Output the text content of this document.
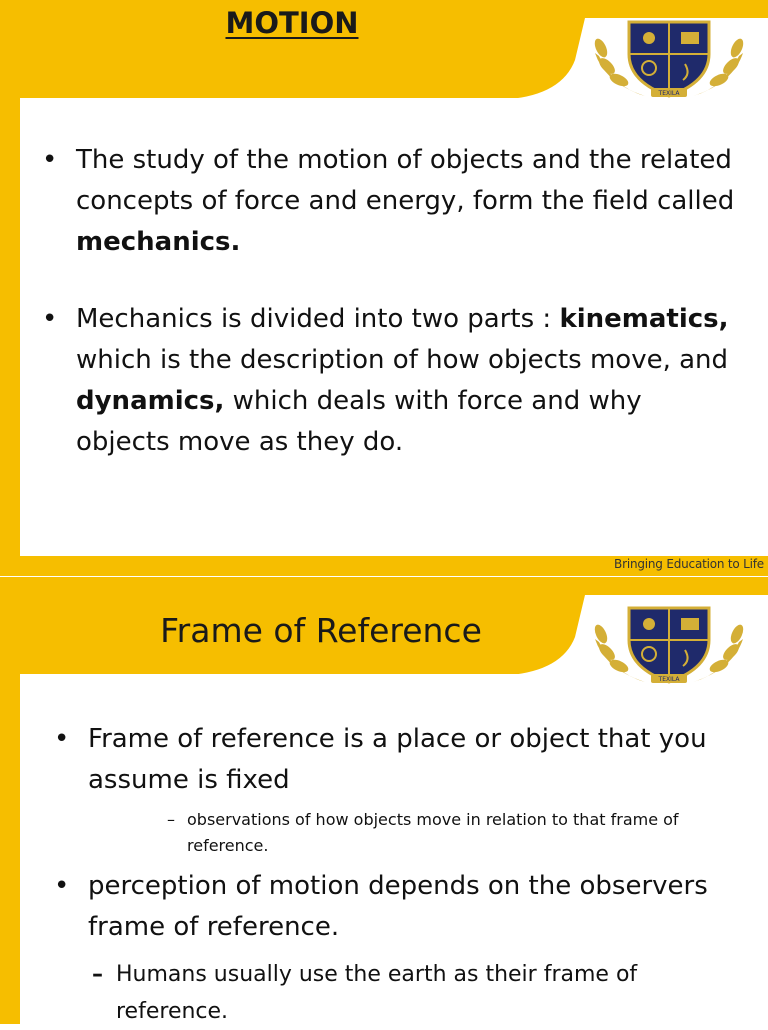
MOTION
TEXILA
• The study of the motion of objects and the related concepts of force and energy, form the field called mechanics.
• Mechanics is divided into two parts : kinematics, which is the description of how objects move, and dynamics, which deals with force and why objects move as they do.
Bringing Education to Life
TEXILA
Frame of Reference
• Frame of reference is a place or object that you assume is fixed
– observations of how objects move in relation to that frame of reference.
• perception of motion depends on the observers frame of reference.
– Humans usually use the earth as their frame of reference.
